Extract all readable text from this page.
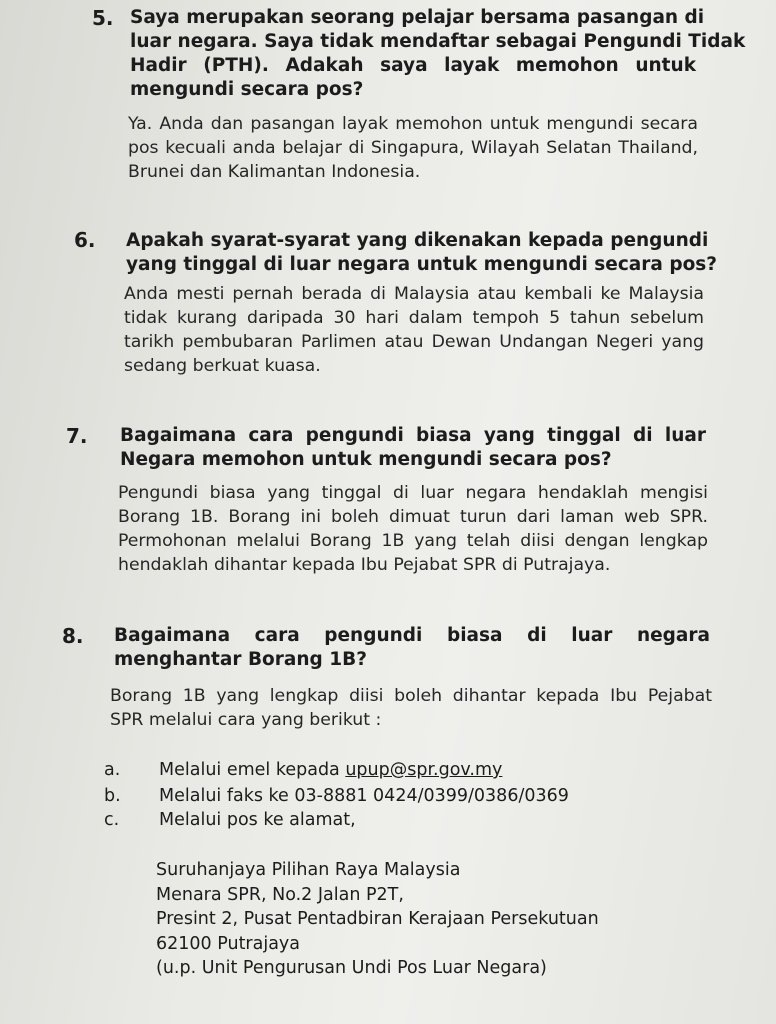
5. Saya merupakan seorang pelajar bersama pasangan di
luar negara. Saya tidak mendaftar sebagai Pengundi Tidak
Hadir (PTH). Adakah saya layak memohon untuk
mengundi secara pos?
Ya. Anda dan pasangan layak memohon untuk mengundi secara
pos kecuali anda belajar di Singapura, Wilayah Selatan Thailand,
Brunei dan Kalimantan Indonesia.
6. Apakah syarat-syarat yang dikenakan kepada pengundi
yang tinggal di luar negara untuk mengundi secara pos?
Anda mesti pernah berada di Malaysia atau kembali ke Malaysia
tidak kurang daripada 30 hari dalam tempoh 5 tahun sebelum
tarikh pembubaran Parlimen atau Dewan Undangan Negeri yang
sedang berkuat kuasa.
7. Bagaimana cara pengundi biasa yang tinggal di luar
Negara memohon untuk mengundi secara pos?
Pengundi biasa yang tinggal di luar negara hendaklah mengisi
Borang 1B. Borang ini boleh dimuat turun dari laman web SPR.
Permohonan melalui Borang 1B yang telah diisi dengan lengkap
hendaklah dihantar kepada Ibu Pejabat SPR di Putrajaya.
8. Bagaimana cara pengundi biasa di luar negara
menghantar Borang 1B?
Borang 1B yang lengkap diisi boleh dihantar kepada Ibu Pejabat
SPR melalui cara yang berikut :
a. Melalui emel kepada upup@spr.gov.my
b. Melalui faks ke 03-8881 0424/0399/0386/0369
c. Melalui pos ke alamat,
Suruhanjaya Pilihan Raya Malaysia
Menara SPR, No.2 Jalan P2T,
Presint 2, Pusat Pentadbiran Kerajaan Persekutuan
62100 Putrajaya
(u.p. Unit Pengurusan Undi Pos Luar Negara)
